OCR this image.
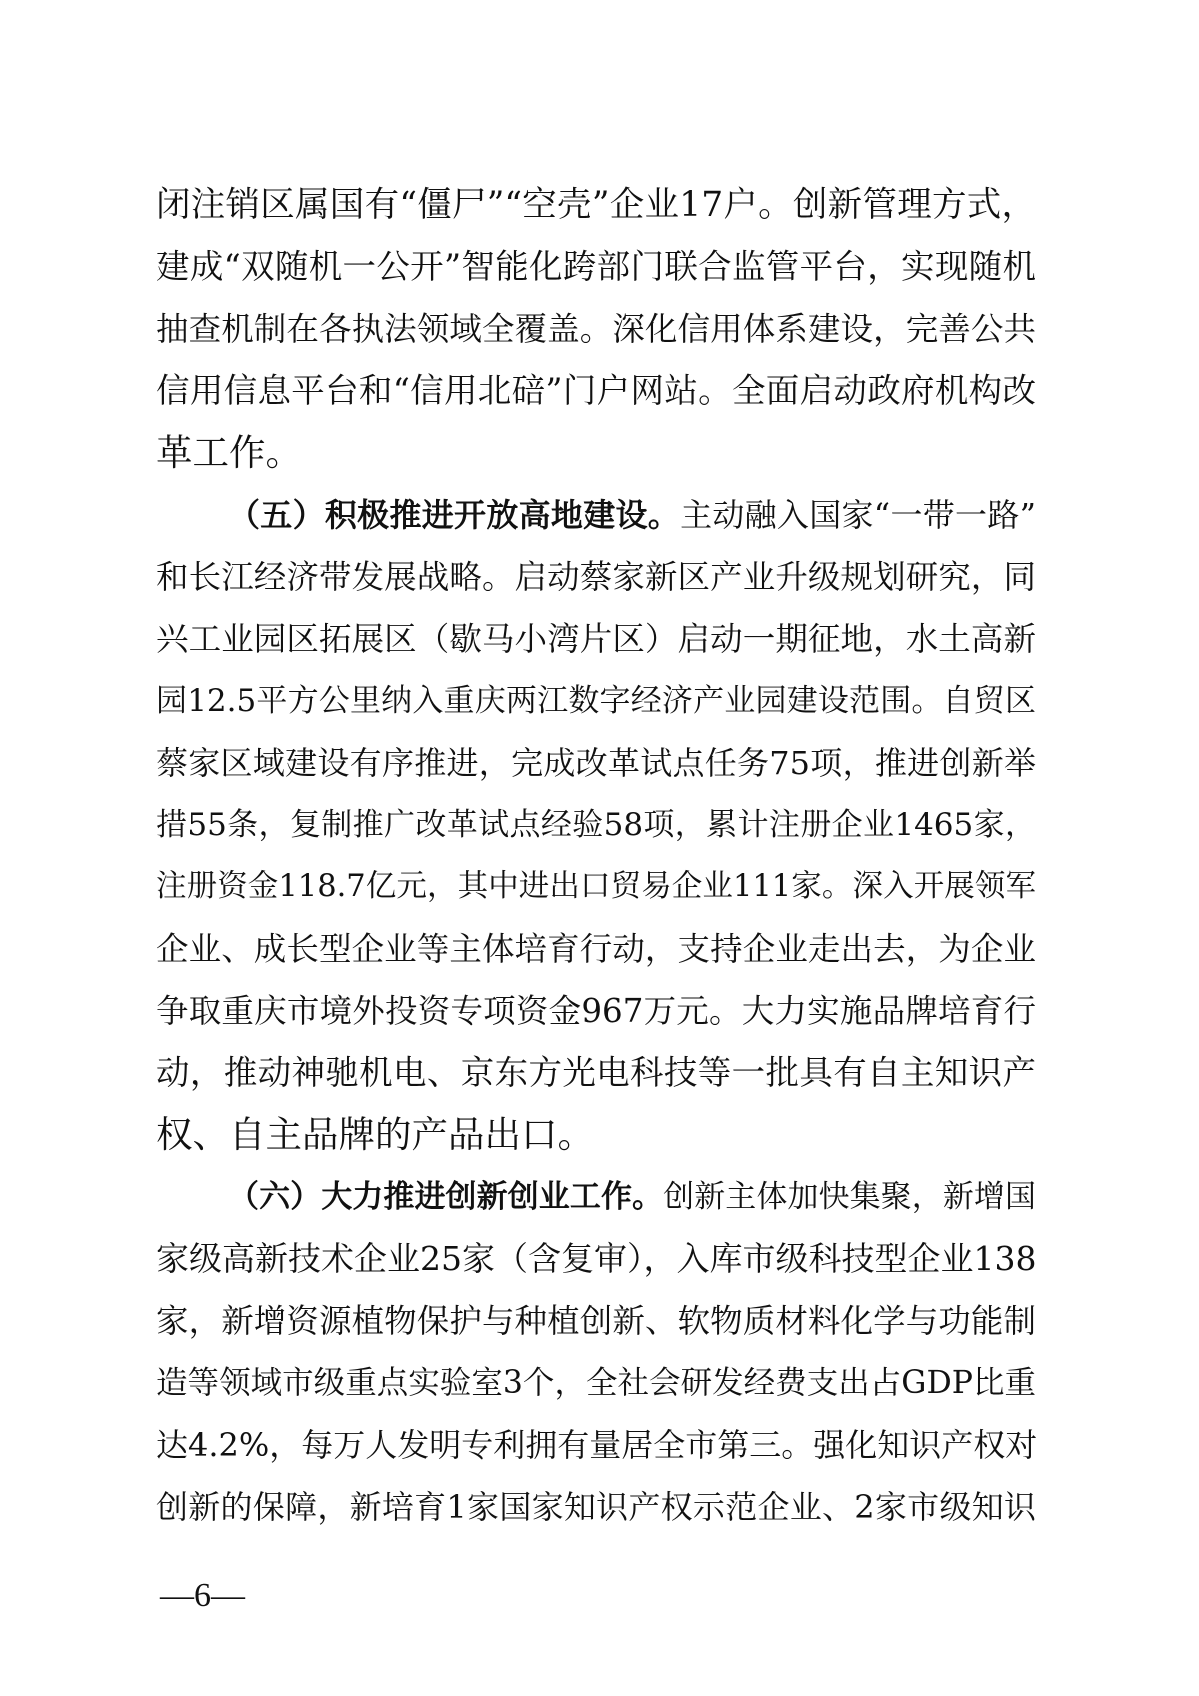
闭注销区属国有“僵尸”“空壳”企业17户。创新管理方式，
建成“双随机一公开”智能化跨部门联合监管平台，实现随机
抽查机制在各执法领域全覆盖。深化信用体系建设，完善公共
信用信息平台和“信用北碚”门户网站。全面启动政府机构改
革工作。
（五）积极推进开放高地建设。主动融入国家“一带一路”
和长江经济带发展战略。启动蔡家新区产业升级规划研究，同
兴工业园区拓展区（歇马小湾片区）启动一期征地，水土高新
园12.5平方公里纳入重庆两江数字经济产业园建设范围。自贸区
蔡家区域建设有序推进，完成改革试点任务75项，推进创新举
措55条，复制推广改革试点经验58项，累计注册企业1465家，
注册资金118.7亿元，其中进出口贸易企业111家。深入开展领军
企业、成长型企业等主体培育行动，支持企业走出去，为企业
争取重庆市境外投资专项资金967万元。大力实施品牌培育行
动，推动神驰机电、京东方光电科技等一批具有自主知识产
权、自主品牌的产品出口。
（六）大力推进创新创业工作。创新主体加快集聚，新增国
家级高新技术企业25家（含复审），入库市级科技型企业138
家，新增资源植物保护与种植创新、软物质材料化学与功能制
造等领域市级重点实验室3个，全社会研发经费支出占GDP比重
达4.2%，每万人发明专利拥有量居全市第三。强化知识产权对
创新的保障，新培育1家国家知识产权示范企业、2家市级知识
—6—
